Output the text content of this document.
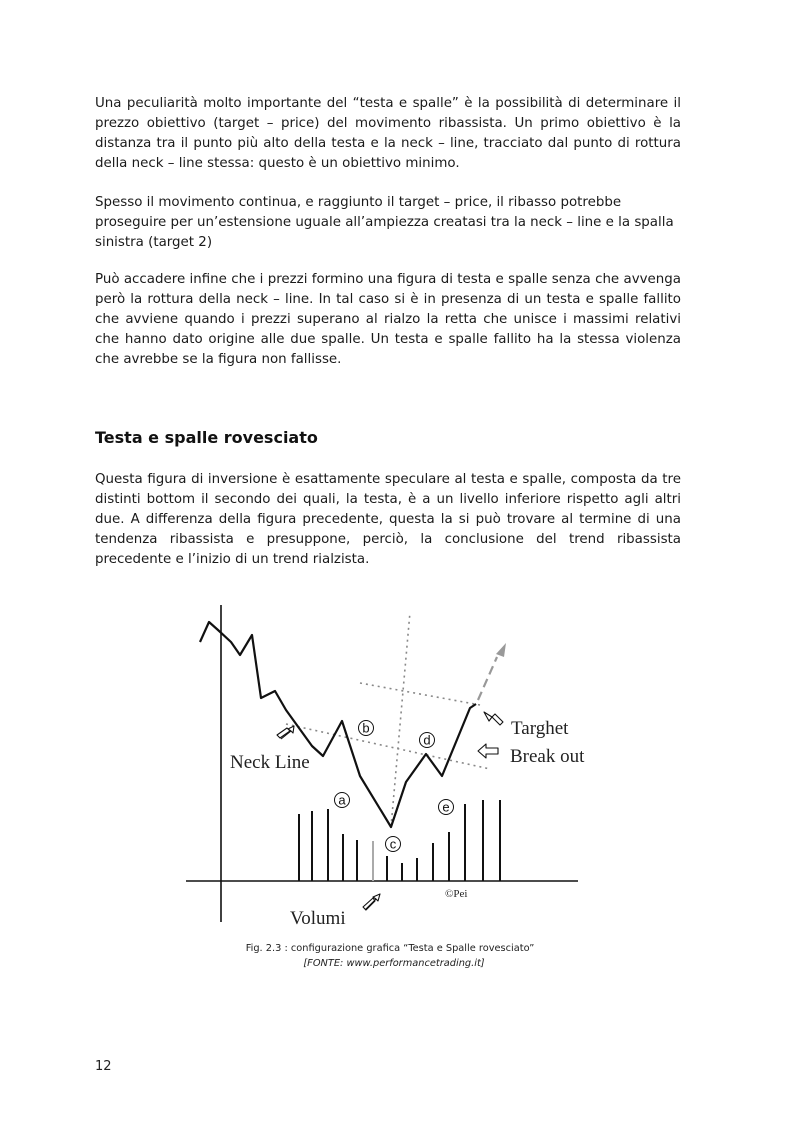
Una peculiarità molto importante del “testa e spalle” è la possibilità di determinare il prezzo obiettivo (target – price) del movimento ribassista. Un primo obiettivo è la distanza tra il punto più alto della testa e la neck – line, tracciato dal punto di rottura della neck – line stessa: questo è un obiettivo minimo.

Spesso il movimento continua, e raggiunto il target – price, il ribasso potrebbe proseguire per un’estensione uguale all’ampiezza creatasi tra la neck – line e la spalla sinistra (target 2)

Può accadere infine che i prezzi formino una figura di testa e spalle senza che avvenga però la rottura della neck – line. In tal caso si è in presenza di un testa e spalle fallito che avviene quando i prezzi superano al rialzo la retta che unisce i massimi relativi che hanno dato origine alle due spalle. Un testa e spalle fallito ha la stessa violenza che avrebbe se la figura non fallisse.

Testa e spalle rovesciato

Questa figura di inversione è esattamente speculare al testa e spalle, composta da tre distinti bottom il secondo dei quali, la testa, è a un livello inferiore rispetto agli altri due. A differenza della figura precedente, questa la si può trovare al termine di una tendenza ribassista e presuppone, perciò, la conclusione del trend ribassista precedente e l’inizio di un trend rialzista.

a
b
c
d
e
Neck Line
Targhet
Break out
Volumi
©Pei
Fig. 2.3 : configurazione grafica “Testa e Spalle rovesciato”
[FONTE: www.performancetrading.it]
12
